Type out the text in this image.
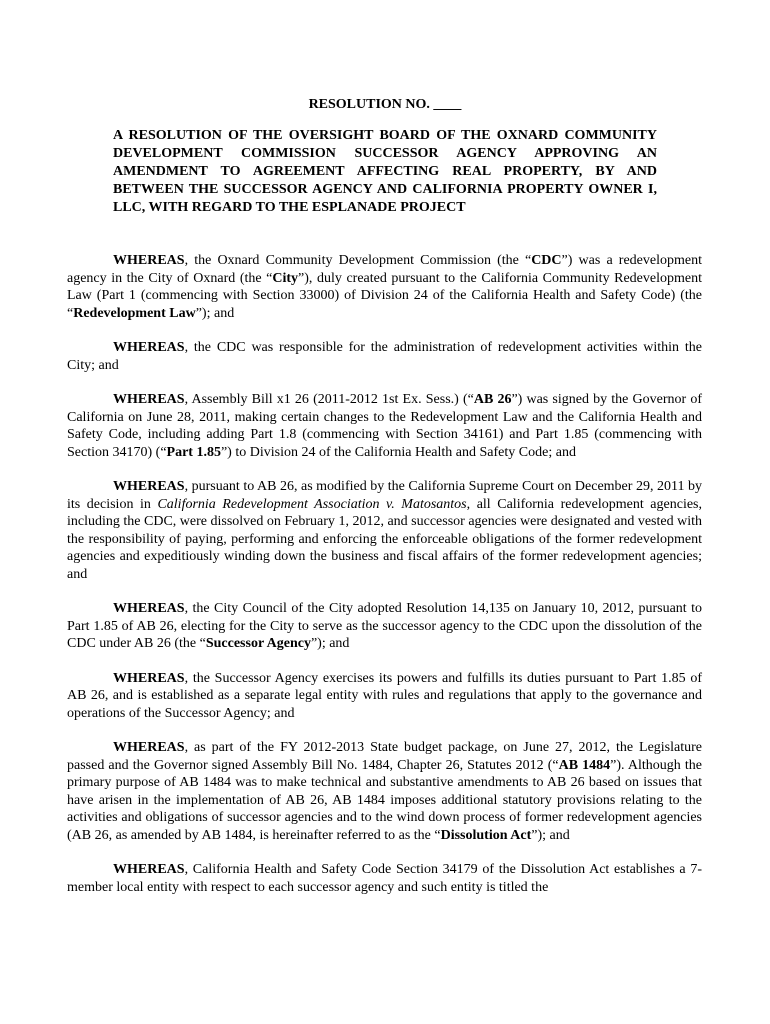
RESOLUTION NO. ____
A RESOLUTION OF THE OVERSIGHT BOARD OF THE OXNARD COMMUNITY DEVELOPMENT COMMISSION SUCCESSOR AGENCY APPROVING AN AMENDMENT TO AGREEMENT AFFECTING REAL PROPERTY, BY AND BETWEEN THE SUCCESSOR AGENCY AND CALIFORNIA PROPERTY OWNER I, LLC, WITH REGARD TO THE ESPLANADE PROJECT

WHEREAS, the Oxnard Community Development Commission (the “CDC”) was a redevelopment agency in the City of Oxnard (the “City”), duly created pursuant to the California Community Redevelopment Law (Part 1 (commencing with Section 33000) of Division 24 of the California Health and Safety Code) (the “Redevelopment Law”); and

WHEREAS, the CDC was responsible for the administration of redevelopment activities within the City; and

WHEREAS, Assembly Bill x1 26 (2011-2012 1st Ex. Sess.) (“AB 26”) was signed by the Governor of California on June 28, 2011, making certain changes to the Redevelopment Law and the California Health and Safety Code, including adding Part 1.8 (commencing with Section 34161) and Part 1.85 (commencing with Section 34170) (“Part 1.85”) to Division 24 of the California Health and Safety Code; and

WHEREAS, pursuant to AB 26, as modified by the California Supreme Court on December 29, 2011 by its decision in California Redevelopment Association v. Matosantos, all California redevelopment agencies, including the CDC, were dissolved on February 1, 2012, and successor agencies were designated and vested with the responsibility of paying, performing and enforcing the enforceable obligations of the former redevelopment agencies and expeditiously winding down the business and fiscal affairs of the former redevelopment agencies; and

WHEREAS, the City Council of the City adopted Resolution 14,135 on January 10, 2012, pursuant to Part 1.85 of AB 26, electing for the City to serve as the successor agency to the CDC upon the dissolution of the CDC under AB 26 (the “Successor Agency”); and

WHEREAS, the Successor Agency exercises its powers and fulfills its duties pursuant to Part 1.85 of AB 26, and is established as a separate legal entity with rules and regulations that apply to the governance and operations of the Successor Agency; and

WHEREAS, as part of the FY 2012-2013 State budget package, on June 27, 2012, the Legislature passed and the Governor signed Assembly Bill No. 1484, Chapter 26, Statutes 2012 (“AB 1484”). Although the primary purpose of AB 1484 was to make technical and substantive amendments to AB 26 based on issues that have arisen in the implementation of AB 26, AB 1484 imposes additional statutory provisions relating to the activities and obligations of successor agencies and to the wind down process of former redevelopment agencies (AB 26, as amended by AB 1484, is hereinafter referred to as the “Dissolution Act”); and

WHEREAS, California Health and Safety Code Section 34179 of the Dissolution Act establishes a 7-member local entity with respect to each successor agency and such entity is titled the
